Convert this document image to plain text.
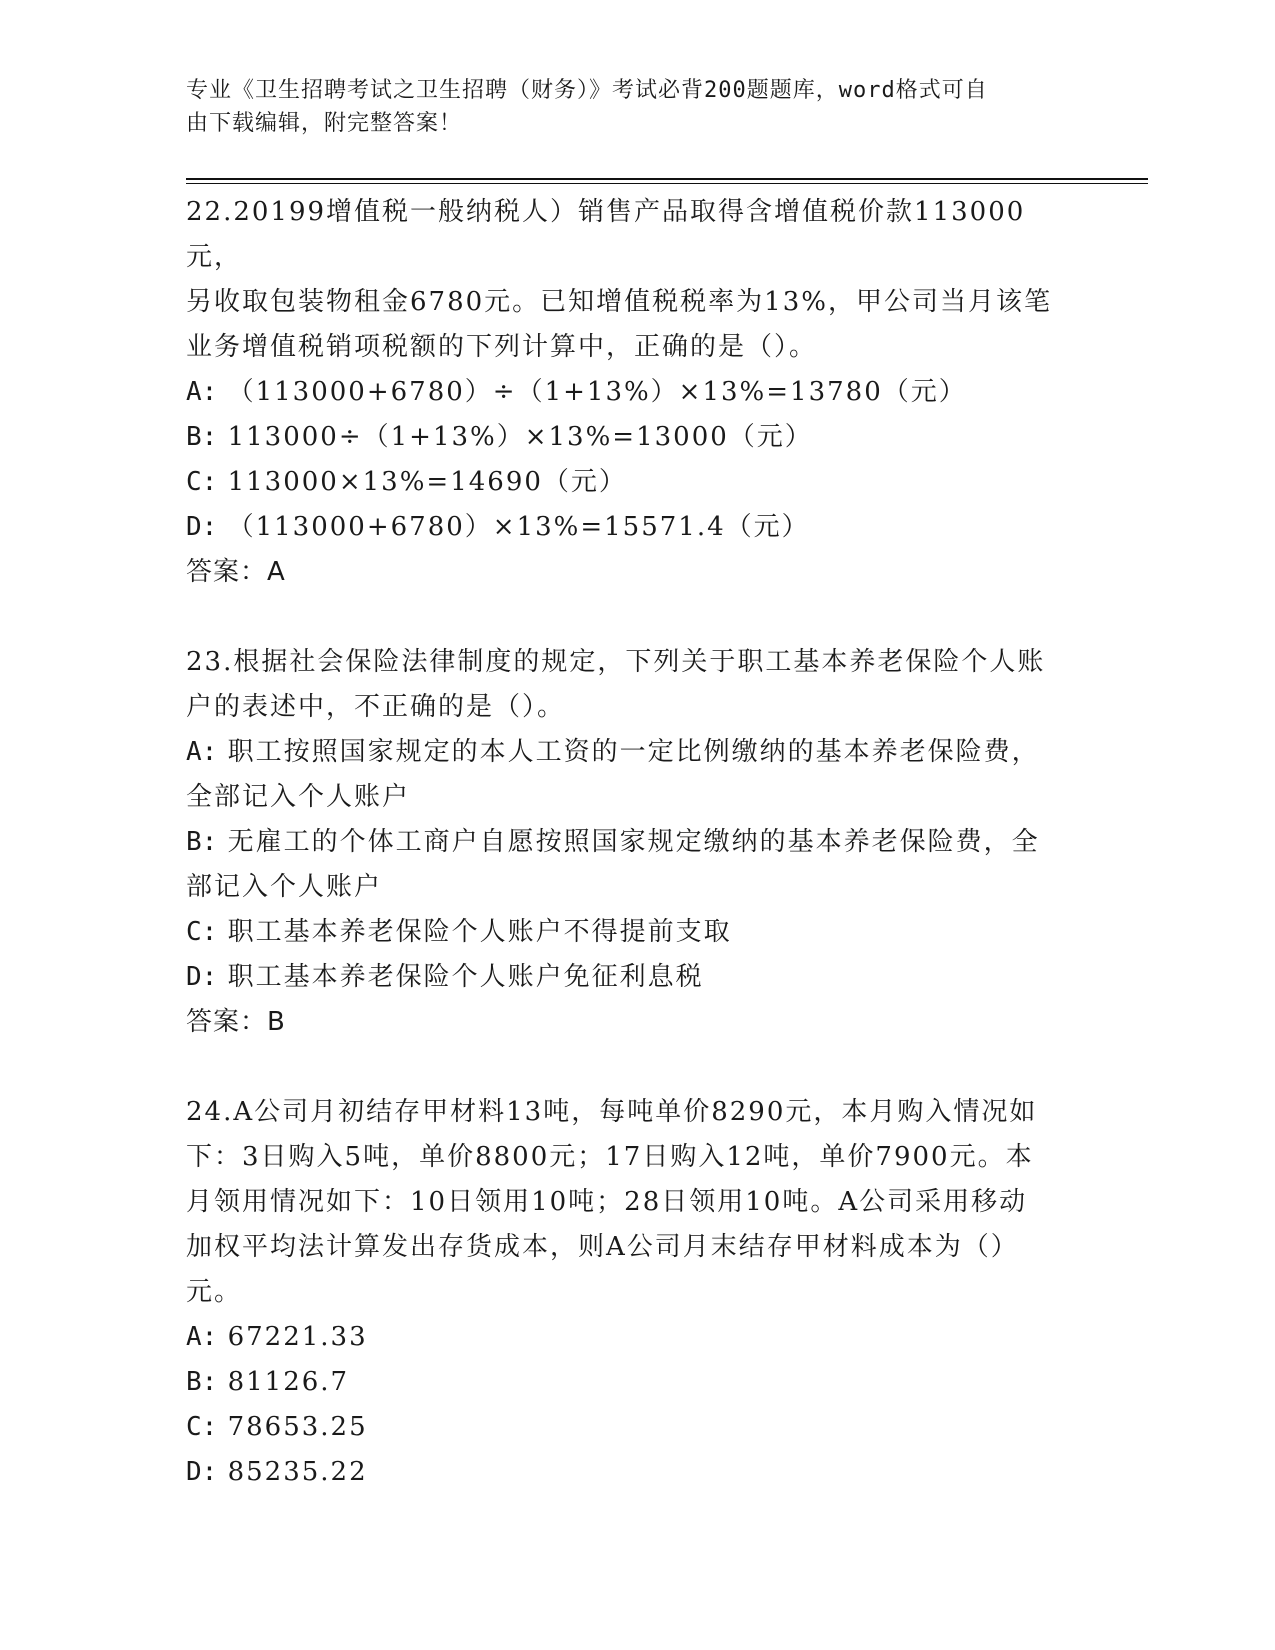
专业《卫生招聘考试之卫生招聘（财务）》考试必背200题题库，word格式可自
由下载编辑，附完整答案！

22.20199增值税一般纳税人）销售产品取得含增值税价款113000元，

另收取包装物租金6780元。已知增值税税率为13%，甲公司当月该笔

业务增值税销项税额的下列计算中，正确的是（）。

A: （113000+6780）÷（1+13%）×13%=13780（元）

B: 113000÷（1+13%）×13%=13000（元）

C: 113000×13%=14690（元）

D: （113000+6780）×13%=15571.4（元）

答案：A

23.根据社会保险法律制度的规定，下列关于职工基本养老保险个人账

户的表述中，不正确的是（）。

A: 职工按照国家规定的本人工资的一定比例缴纳的基本养老保险费，

全部记入个人账户

B: 无雇工的个体工商户自愿按照国家规定缴纳的基本养老保险费，全

部记入个人账户

C: 职工基本养老保险个人账户不得提前支取

D: 职工基本养老保险个人账户免征利息税

答案：B

24.A公司月初结存甲材料13吨，每吨单价8290元，本月购入情况如

下：3日购入5吨，单价8800元；17日购入12吨，单价7900元。本

月领用情况如下：10日领用10吨；28日领用10吨。A公司采用移动

加权平均法计算发出存货成本，则A公司月末结存甲材料成本为（）

元。

A: 67221.33

B: 81126.7

C: 78653.25

D: 85235.22
